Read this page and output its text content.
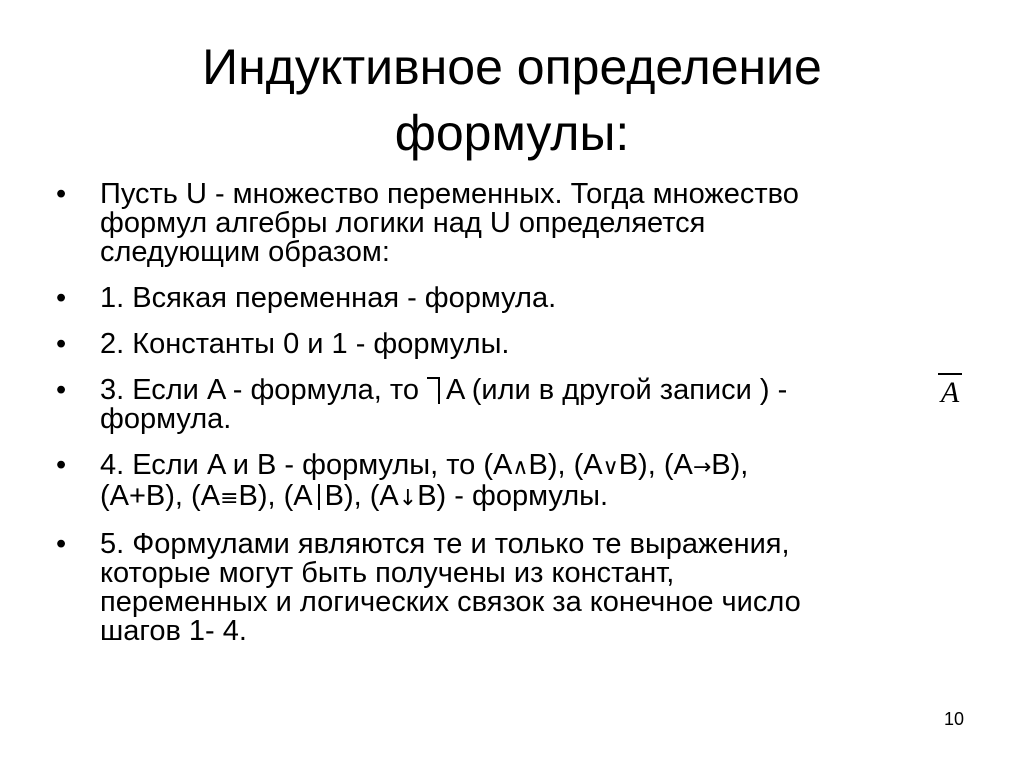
Индуктивное определение
формулы:
• Пусть U - множество переменных. Тогда множество
формул алгебры логики над U определяется
следующим образом:
• 1. Всякая переменная - формула.
• 2. Константы 0 и 1 - формулы.
• 3. Если A - формула, то A (или в другой записи ) -
формула.
• 4. Если A и B - формулы, то (A∧B), (A∨B), (A→B),
(A+B), (A≡B), (A B), (A↓B) - формулы.
• 5. Формулами являются те и только те выражения,
которые могут быть получены из констант,
переменных и логических связок за конечное число
шагов 1- 4.
A
10
